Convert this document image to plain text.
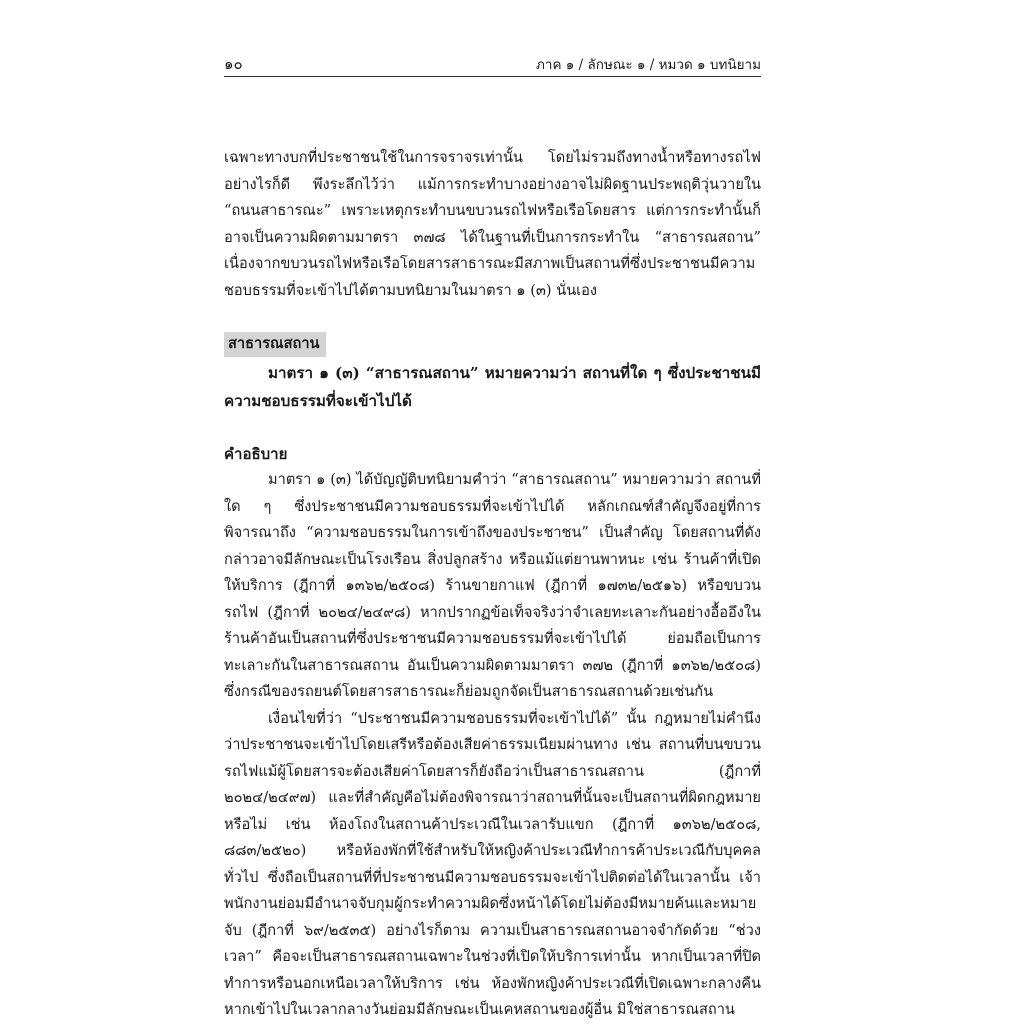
๑๐	ภาค ๑ / ลักษณะ ๑ / หมวด ๑ บทนิยาม

เฉพาะทางบกที่ประชาชนใช้ในการจราจรเท่านั้น โดยไม่รวมถึงทางน้ำหรือทางรถไฟ อย่างไรก็ดี พึงระลึกไว้ว่า แม้การกระทำบางอย่างอาจไม่ผิดฐานประพฤติวุ่นวายใน “ถนนสาธารณะ” เพราะเหตุกระทำบนขบวนรถไฟหรือเรือโดยสาร แต่การกระทำนั้นก็อาจเป็นความผิดตามมาตรา ๓๗๘ ได้ในฐานที่เป็นการกระทำใน “สาธารณสถาน” เนื่องจากขบวนรถไฟหรือเรือโดยสารสาธารณะมีสภาพเป็นสถานที่ซึ่งประชาชนมีความชอบธรรมที่จะเข้าไปได้ตามบทนิยามในมาตรา ๑ (๓) นั่นเอง

สาธารณสถาน

มาตรา ๑ (๓) “สาธารณสถาน” หมายความว่า สถานที่ใด ๆ ซึ่งประชาชนมีความชอบธรรมที่จะเข้าไปได้

คำอธิบาย

มาตรา ๑ (๓) ได้บัญญัติบทนิยามคำว่า “สาธารณสถาน” หมายความว่า สถานที่ใด ๆ ซึ่งประชาชนมีความชอบธรรมที่จะเข้าไปได้ หลักเกณฑ์สำคัญจึงอยู่ที่การพิจารณาถึง “ความชอบธรรมในการเข้าถึงของประชาชน” เป็นสำคัญ โดยสถานที่ดังกล่าวอาจมีลักษณะเป็นโรงเรือน สิ่งปลูกสร้าง หรือแม้แต่ยานพาหนะ เช่น ร้านค้าที่เปิดให้บริการ (ฎีกาที่ ๑๓๖๒/๒๕๐๘) ร้านขายกาแฟ (ฎีกาที่ ๑๗๓๒/๒๕๑๖) หรือขบวนรถไฟ (ฎีกาที่ ๒๐๒๔/๒๔๙๘) หากปรากฏข้อเท็จจริงว่าจำเลยทะเลาะกันอย่างอื้ออึงในร้านค้าอันเป็นสถานที่ซึ่งประชาชนมีความชอบธรรมที่จะเข้าไปได้ ย่อมถือเป็นการทะเลาะกันในสาธารณสถาน อันเป็นความผิดตามมาตรา ๓๗๒ (ฎีกาที่ ๑๓๖๒/๒๕๐๘) ซึ่งกรณีของรถยนต์โดยสารสาธารณะก็ย่อมถูกจัดเป็นสาธารณสถานด้วยเช่นกัน

เงื่อนไขที่ว่า “ประชาชนมีความชอบธรรมที่จะเข้าไปได้” นั้น กฎหมายไม่คำนึงว่าประชาชนจะเข้าไปโดยเสรีหรือต้องเสียค่าธรรมเนียมผ่านทาง เช่น สถานที่บนขบวนรถไฟแม้ผู้โดยสารจะต้องเสียค่าโดยสารก็ยังถือว่าเป็นสาธารณสถาน (ฎีกาที่ ๒๐๒๔/๒๔๙๗) และที่สำคัญคือไม่ต้องพิจารณาว่าสถานที่นั้นจะเป็นสถานที่ผิดกฎหมายหรือไม่ เช่น ห้องโถงในสถานค้าประเวณีในเวลารับแขก (ฎีกาที่ ๑๓๖๒/๒๕๐๘, ๘๘๓/๒๕๒๐) หรือห้องพักที่ใช้สำหรับให้หญิงค้าประเวณีทำการค้าประเวณีกับบุคคลทั่วไป ซึ่งถือเป็นสถานที่ที่ประชาชนมีความชอบธรรมจะเข้าไปติดต่อได้ในเวลานั้น เจ้าพนักงานย่อมมีอำนาจจับกุมผู้กระทำความผิดซึ่งหน้าได้โดยไม่ต้องมีหมายค้นและหมายจับ (ฎีกาที่ ๖๙/๒๕๓๕) อย่างไรก็ตาม ความเป็นสาธารณสถานอาจจำกัดด้วย “ช่วงเวลา” คือจะเป็นสาธารณสถานเฉพาะในช่วงที่เปิดให้บริการเท่านั้น หากเป็นเวลาที่ปิดทำการหรือนอกเหนือเวลาให้บริการ เช่น ห้องพักหญิงค้าประเวณีที่เปิดเฉพาะกลางคืน หากเข้าไปในเวลากลางวันย่อมมีลักษณะเป็นเคหสถานของผู้อื่น มิใช่สาธารณสถาน
